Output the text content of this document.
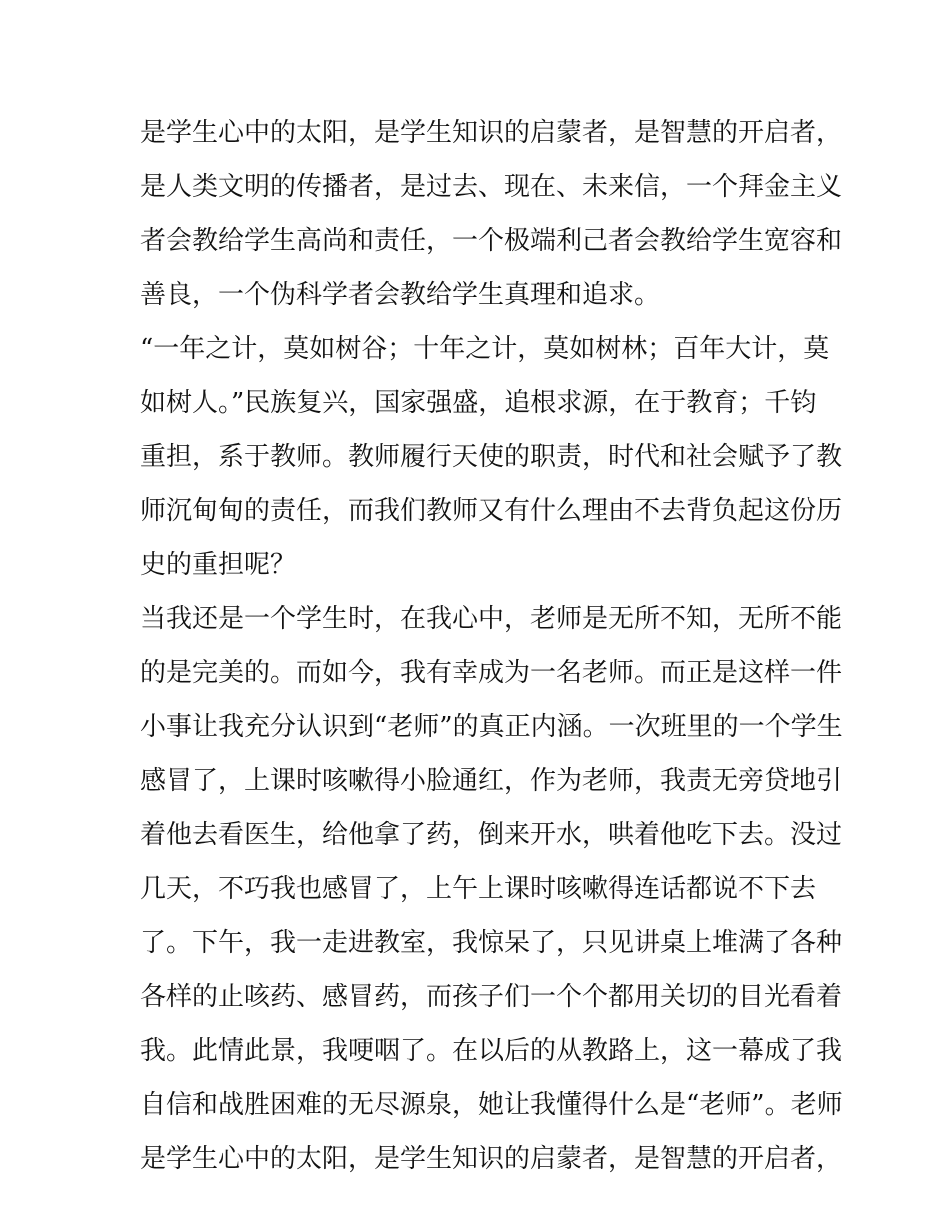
是学生心中的太阳，是学生知识的启蒙者，是智慧的开启者，
是人类文明的传播者，是过去、现在、未来信，一个拜金主义
者会教给学生高尚和责任，一个极端利己者会教给学生宽容和
善良，一个伪科学者会教给学生真理和追求。
“一年之计，莫如树谷；十年之计，莫如树林；百年大计，莫
如树人。”民族复兴，国家强盛，追根求源，在于教育；千钧
重担，系于教师。教师履行天使的职责，时代和社会赋予了教
师沉甸甸的责任，而我们教师又有什么理由不去背负起这份历
史的重担呢？
当我还是一个学生时，在我心中，老师是无所不知，无所不能
的是完美的。而如今，我有幸成为一名老师。而正是这样一件
小事让我充分认识到“老师”的真正内涵。一次班里的一个学生
感冒了，上课时咳嗽得小脸通红，作为老师，我责无旁贷地引
着他去看医生，给他拿了药，倒来开水，哄着他吃下去。没过
几天，不巧我也感冒了，上午上课时咳嗽得连话都说不下去
了。下午，我一走进教室，我惊呆了，只见讲桌上堆满了各种
各样的止咳药、感冒药，而孩子们一个个都用关切的目光看着
我。此情此景，我哽咽了。在以后的从教路上，这一幕成了我
自信和战胜困难的无尽源泉，她让我懂得什么是“老师”。老师
是学生心中的太阳，是学生知识的启蒙者，是智慧的开启者，
